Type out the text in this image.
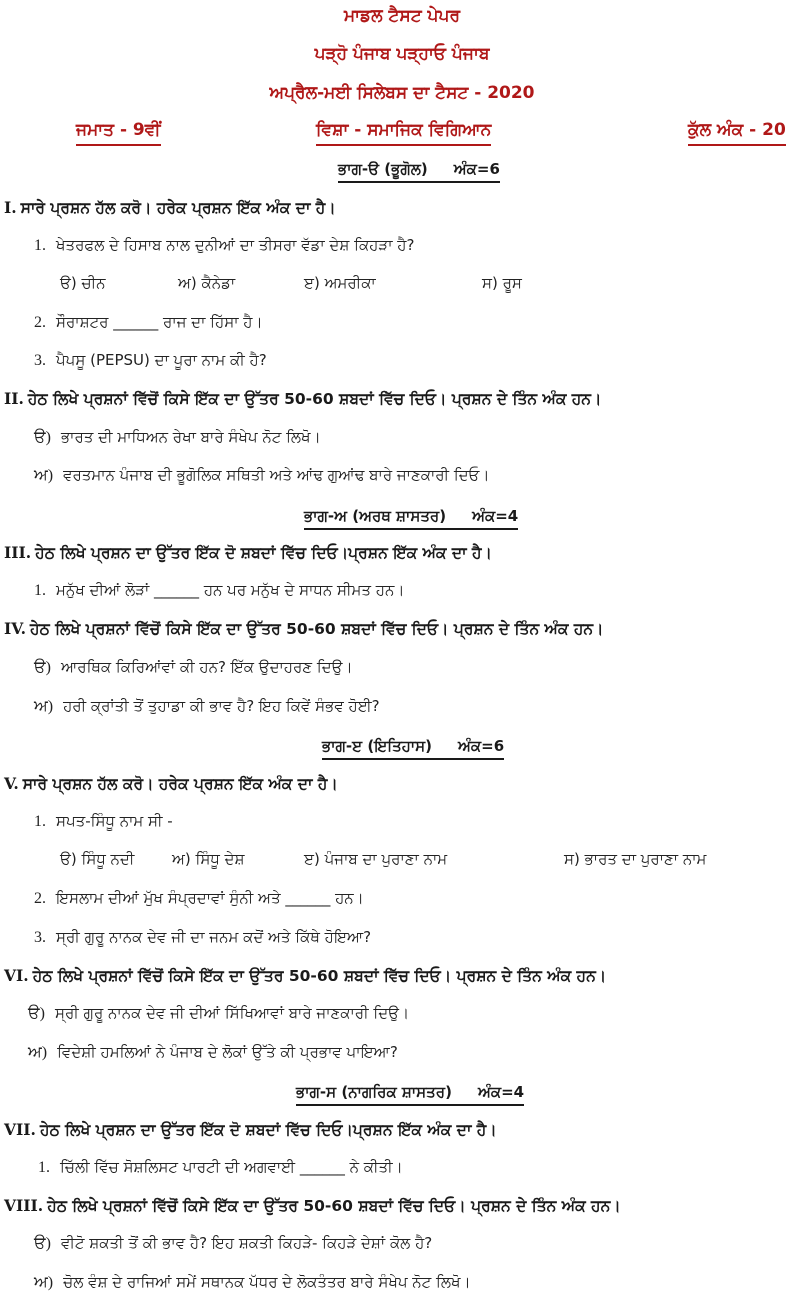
ਮਾਡਲ ਟੈਸਟ ਪੇਪਰ
ਪੜ੍ਹੋ ਪੰਜਾਬ ਪੜ੍ਹਾਓ ਪੰਜਾਬ
ਅਪ੍ਰੈਲ-ਮਈ ਸਿਲੇਬਸ ਦਾ ਟੈਸਟ - 2020
ਜਮਾਤ - 9ਵੀਂ	ਵਿਸ਼ਾ - ਸਮਾਜਿਕ ਵਿਗਿਆਨ	ਕੁੱਲ ਅੰਕ - 20
ਭਾਗ-ੳ (ਭੂਗੋਲ) ਅੰਕ=6
I. ਸਾਰੇ ਪ੍ਰਸ਼ਨ ਹੱਲ ਕਰੋ। ਹਰੇਕ ਪ੍ਰਸ਼ਨ ਇੱਕ ਅੰਕ ਦਾ ਹੈ।
1. ਖੇਤਰਫਲ ਦੇ ਹਿਸਾਬ ਨਾਲ ਦੁਨੀਆਂ ਦਾ ਤੀਸਰਾ ਵੱਡਾ ਦੇਸ਼ ਕਿਹੜਾ ਹੈ?
ੳ) ਚੀਨ	ਅ) ਕੈਨੇਡਾ	ੲ) ਅਮਰੀਕਾ	ਸ) ਰੂਸ
2. ਸੌਰਾਸ਼ਟਰ ______ ਰਾਜ ਦਾ ਹਿੱਸਾ ਹੈ।
3. ਪੈਪਸੂ (PEPSU) ਦਾ ਪੂਰਾ ਨਾਮ ਕੀ ਹੈ?
II. ਹੇਠ ਲਿਖੇ ਪ੍ਰਸ਼ਨਾਂ ਵਿੱਚੋਂ ਕਿਸੇ ਇੱਕ ਦਾ ਉੱਤਰ 50-60 ਸ਼ਬਦਾਂ ਵਿੱਚ ਦਿਓ। ਪ੍ਰਸ਼ਨ ਦੇ ਤਿੰਨ ਅੰਕ ਹਨ।
ੳ) ਭਾਰਤ ਦੀ ਮਾਧਿਅਨ ਰੇਖਾ ਬਾਰੇ ਸੰਖੇਪ ਨੋਟ ਲਿਖੋ।
ਅ) ਵਰਤਮਾਨ ਪੰਜਾਬ ਦੀ ਭੂਗੋਲਿਕ ਸਥਿਤੀ ਅਤੇ ਆਂਢ ਗੁਆਂਢ ਬਾਰੇ ਜਾਣਕਾਰੀ ਦਿਓ।
ਭਾਗ-ਅ (ਅਰਥ ਸ਼ਾਸਤਰ) ਅੰਕ=4
III. ਹੇਠ ਲਿਖੇ ਪ੍ਰਸ਼ਨ ਦਾ ਉੱਤਰ ਇੱਕ ਦੋ ਸ਼ਬਦਾਂ ਵਿੱਚ ਦਿਓ।ਪ੍ਰਸ਼ਨ ਇੱਕ ਅੰਕ ਦਾ ਹੈ।
1. ਮਨੁੱਖ ਦੀਆਂ ਲੋੜਾਂ ______ ਹਨ ਪਰ ਮਨੁੱਖ ਦੇ ਸਾਧਨ ਸੀਮਤ ਹਨ।
IV. ਹੇਠ ਲਿਖੇ ਪ੍ਰਸ਼ਨਾਂ ਵਿੱਚੋਂ ਕਿਸੇ ਇੱਕ ਦਾ ਉੱਤਰ 50-60 ਸ਼ਬਦਾਂ ਵਿੱਚ ਦਿਓ। ਪ੍ਰਸ਼ਨ ਦੇ ਤਿੰਨ ਅੰਕ ਹਨ।
ੳ) ਆਰਥਿਕ ਕਿਰਿਆਂਵਾਂ ਕੀ ਹਨ? ਇੱਕ ਉਦਾਹਰਣ ਦਿਉ।
ਅ) ਹਰੀ ਕ੍ਰਾਂਤੀ ਤੋਂ ਤੁਹਾਡਾ ਕੀ ਭਾਵ ਹੈ? ਇਹ ਕਿਵੇਂ ਸੰਭਵ ਹੋਈ?
ਭਾਗ-ੲ (ਇਤਿਹਾਸ) ਅੰਕ=6
V. ਸਾਰੇ ਪ੍ਰਸ਼ਨ ਹੱਲ ਕਰੋ। ਹਰੇਕ ਪ੍ਰਸ਼ਨ ਇੱਕ ਅੰਕ ਦਾ ਹੈ।
1. ਸਪਤ-ਸਿੰਧੂ ਨਾਮ ਸੀ -
ੳ) ਸਿੰਧੂ ਨਦੀ	ਅ) ਸਿੰਧੂ ਦੇਸ਼	ੲ) ਪੰਜਾਬ ਦਾ ਪੁਰਾਣਾ ਨਾਮ	ਸ) ਭਾਰਤ ਦਾ ਪੁਰਾਣਾ ਨਾਮ
2. ਇਸਲਾਮ ਦੀਆਂ ਮੁੱਖ ਸੰਪ੍ਰਦਾਵਾਂ ਸੁੰਨੀ ਅਤੇ ______ ਹਨ।
3. ਸ੍ਰੀ ਗੁਰੂ ਨਾਨਕ ਦੇਵ ਜੀ ਦਾ ਜਨਮ ਕਦੋਂ ਅਤੇ ਕਿੱਥੇ ਹੋਇਆ?
VI. ਹੇਠ ਲਿਖੇ ਪ੍ਰਸ਼ਨਾਂ ਵਿੱਚੋਂ ਕਿਸੇ ਇੱਕ ਦਾ ਉੱਤਰ 50-60 ਸ਼ਬਦਾਂ ਵਿੱਚ ਦਿਓ। ਪ੍ਰਸ਼ਨ ਦੇ ਤਿੰਨ ਅੰਕ ਹਨ।
ੳ) ਸ੍ਰੀ ਗੁਰੂ ਨਾਨਕ ਦੇਵ ਜੀ ਦੀਆਂ ਸਿੱਖਿਆਵਾਂ ਬਾਰੇ ਜਾਣਕਾਰੀ ਦਿਉ।
ਅ) ਵਿਦੇਸ਼ੀ ਹਮਲਿਆਂ ਨੇ ਪੰਜਾਬ ਦੇ ਲੋਕਾਂ ਉੱਤੇ ਕੀ ਪ੍ਰਭਾਵ ਪਾਇਆ?
ਭਾਗ-ਸ (ਨਾਗਰਿਕ ਸ਼ਾਸਤਰ) ਅੰਕ=4
VII. ਹੇਠ ਲਿਖੇ ਪ੍ਰਸ਼ਨ ਦਾ ਉੱਤਰ ਇੱਕ ਦੋ ਸ਼ਬਦਾਂ ਵਿੱਚ ਦਿਓ।ਪ੍ਰਸ਼ਨ ਇੱਕ ਅੰਕ ਦਾ ਹੈ।
1. ਚਿੱਲੀ ਵਿੱਚ ਸੋਸ਼ਲਿਸਟ ਪਾਰਟੀ ਦੀ ਅਗਵਾਈ ______ ਨੇ ਕੀਤੀ।
VIII. ਹੇਠ ਲਿਖੇ ਪ੍ਰਸ਼ਨਾਂ ਵਿੱਚੋਂ ਕਿਸੇ ਇੱਕ ਦਾ ਉੱਤਰ 50-60 ਸ਼ਬਦਾਂ ਵਿੱਚ ਦਿਓ। ਪ੍ਰਸ਼ਨ ਦੇ ਤਿੰਨ ਅੰਕ ਹਨ।
ੳ) ਵੀਟੋ ਸ਼ਕਤੀ ਤੋਂ ਕੀ ਭਾਵ ਹੈ? ਇਹ ਸ਼ਕਤੀ ਕਿਹੜੇ- ਕਿਹੜੇ ਦੇਸ਼ਾਂ ਕੋਲ ਹੈ?
ਅ) ਚੋਲ ਵੰਸ਼ ਦੇ ਰਾਜਿਆਂ ਸਮੇਂ ਸਥਾਨਕ ਪੱਧਰ ਦੇ ਲੋਕਤੰਤਰ ਬਾਰੇ ਸੰਖੇਪ ਨੋਟ ਲਿਖੋ।
